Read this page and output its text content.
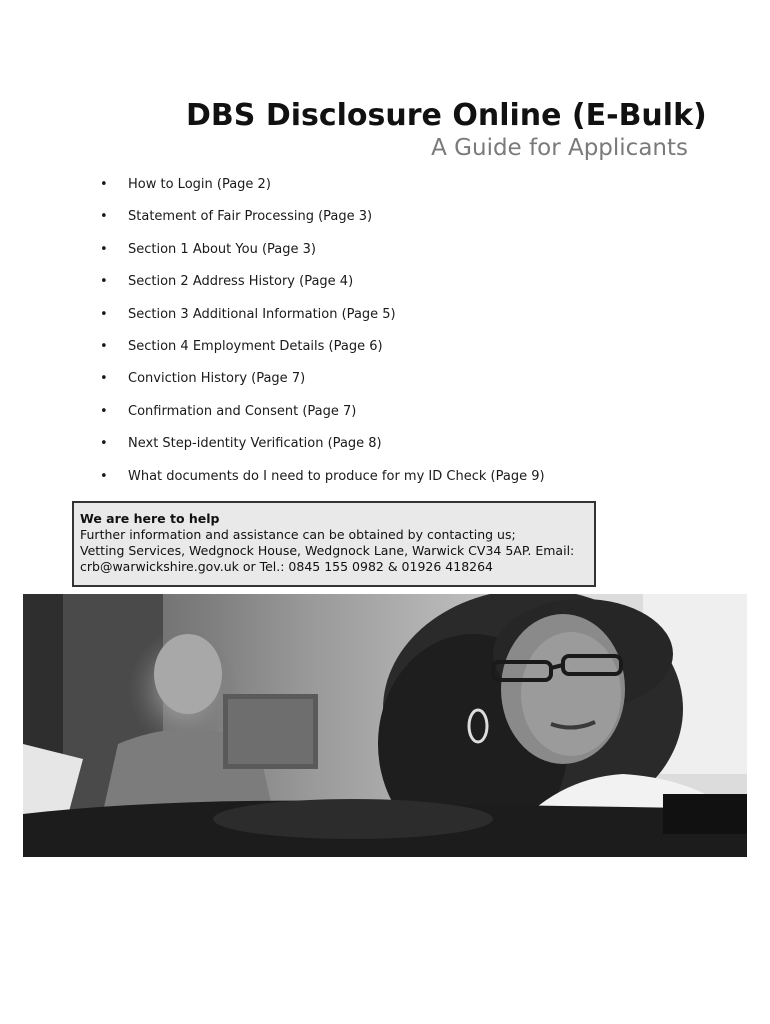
DBS Disclosure Online (E-Bulk)
A Guide for Applicants
• How to Login (Page 2)
• Statement of Fair Processing (Page 3)
• Section 1 About You (Page 3)
• Section 2 Address History (Page 4)
• Section 3 Additional Information (Page 5)
• Section 4 Employment Details (Page 6)
• Conviction History (Page 7)
• Confirmation and Consent (Page 7)
• Next Step-identity Verification (Page 8)
• What documents do I need to produce for my ID Check (Page 9)
We are here to help
Further information and assistance can be obtained by contacting us;
Vetting Services, Wedgnock House, Wedgnock Lane, Warwick CV34 5AP. Email:
crb@warwickshire.gov.uk or Tel.: 0845 155 0982 & 01926 418264
